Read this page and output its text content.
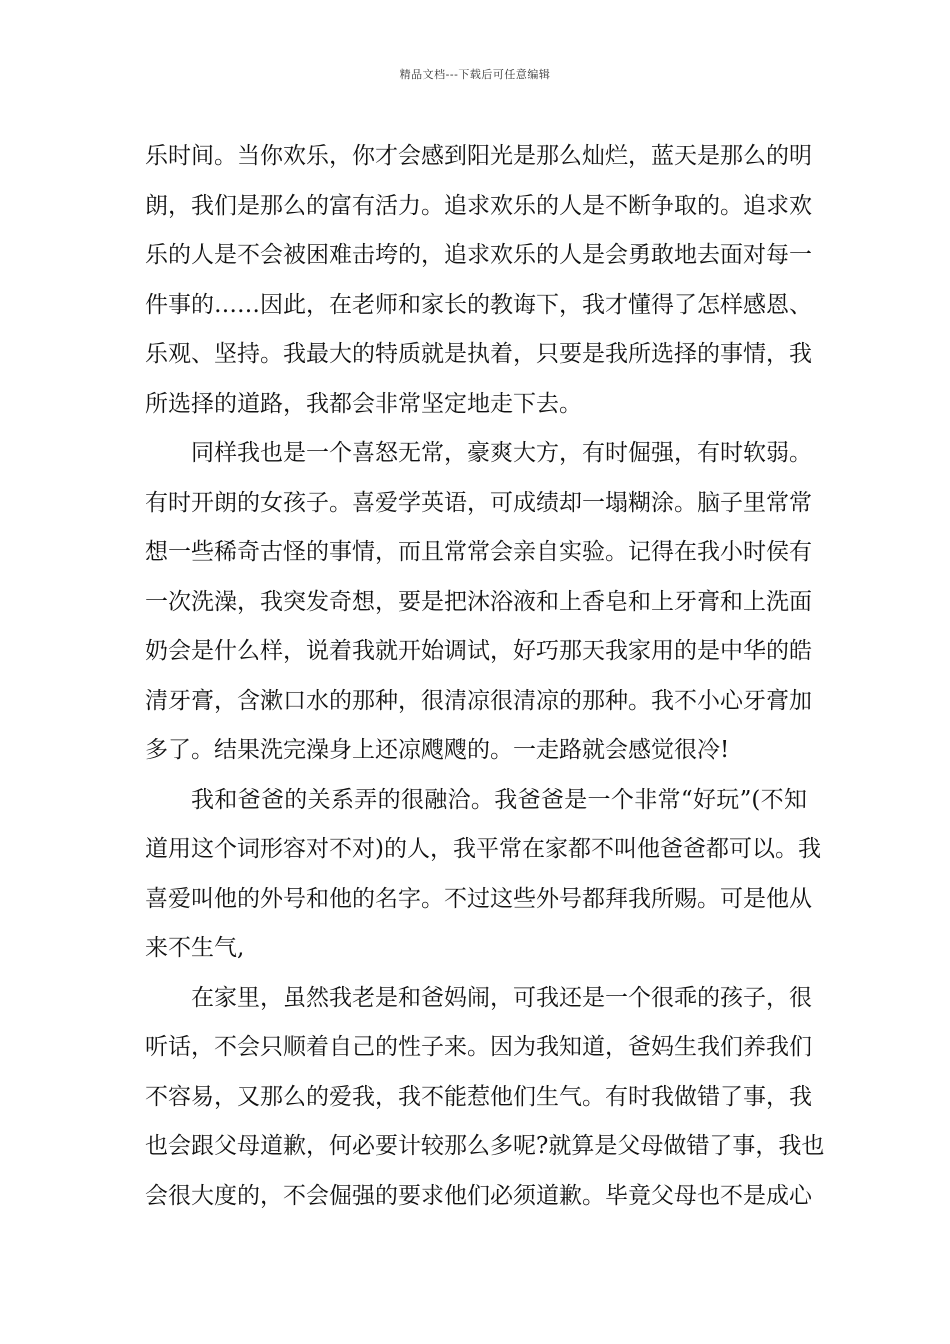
精品文档---下载后可任意编辑
乐时间。当你欢乐，你才会感到阳光是那么灿烂，蓝天是那么的明
朗，我们是那么的富有活力。追求欢乐的人是不断争取的。追求欢
乐的人是不会被困难击垮的，追求欢乐的人是会勇敢地去面对每一
件事的……因此，在老师和家长的教诲下，我才懂得了怎样感恩、
乐观、坚持。我最大的特质就是执着，只要是我所选择的事情，我
所选择的道路，我都会非常坚定地走下去。
同样我也是一个喜怒无常，豪爽大方，有时倔强，有时软弱。
有时开朗的女孩子。喜爱学英语，可成绩却一塌糊涂。脑子里常常
想一些稀奇古怪的事情，而且常常会亲自实验。记得在我小时侯有
一次洗澡，我突发奇想，要是把沐浴液和上香皂和上牙膏和上洗面
奶会是什么样，说着我就开始调试，好巧那天我家用的是中华的皓
清牙膏，含漱口水的那种，很清凉很清凉的那种。我不小心牙膏加
多了。结果洗完澡身上还凉飕飕的。一走路就会感觉很冷!
我和爸爸的关系弄的很融洽。我爸爸是一个非常“好玩”(不知
道用这个词形容对不对)的人，我平常在家都不叫他爸爸都可以。我
喜爱叫他的外号和他的名字。不过这些外号都拜我所赐。可是他从
来不生气,
在家里，虽然我老是和爸妈闹，可我还是一个很乖的孩子，很
听话，不会只顺着自己的性子来。因为我知道，爸妈生我们养我们
不容易，又那么的爱我，我不能惹他们生气。有时我做错了事，我
也会跟父母道歉，何必要计较那么多呢?就算是父母做错了事，我也
会很大度的，不会倔强的要求他们必须道歉。毕竟父母也不是成心
